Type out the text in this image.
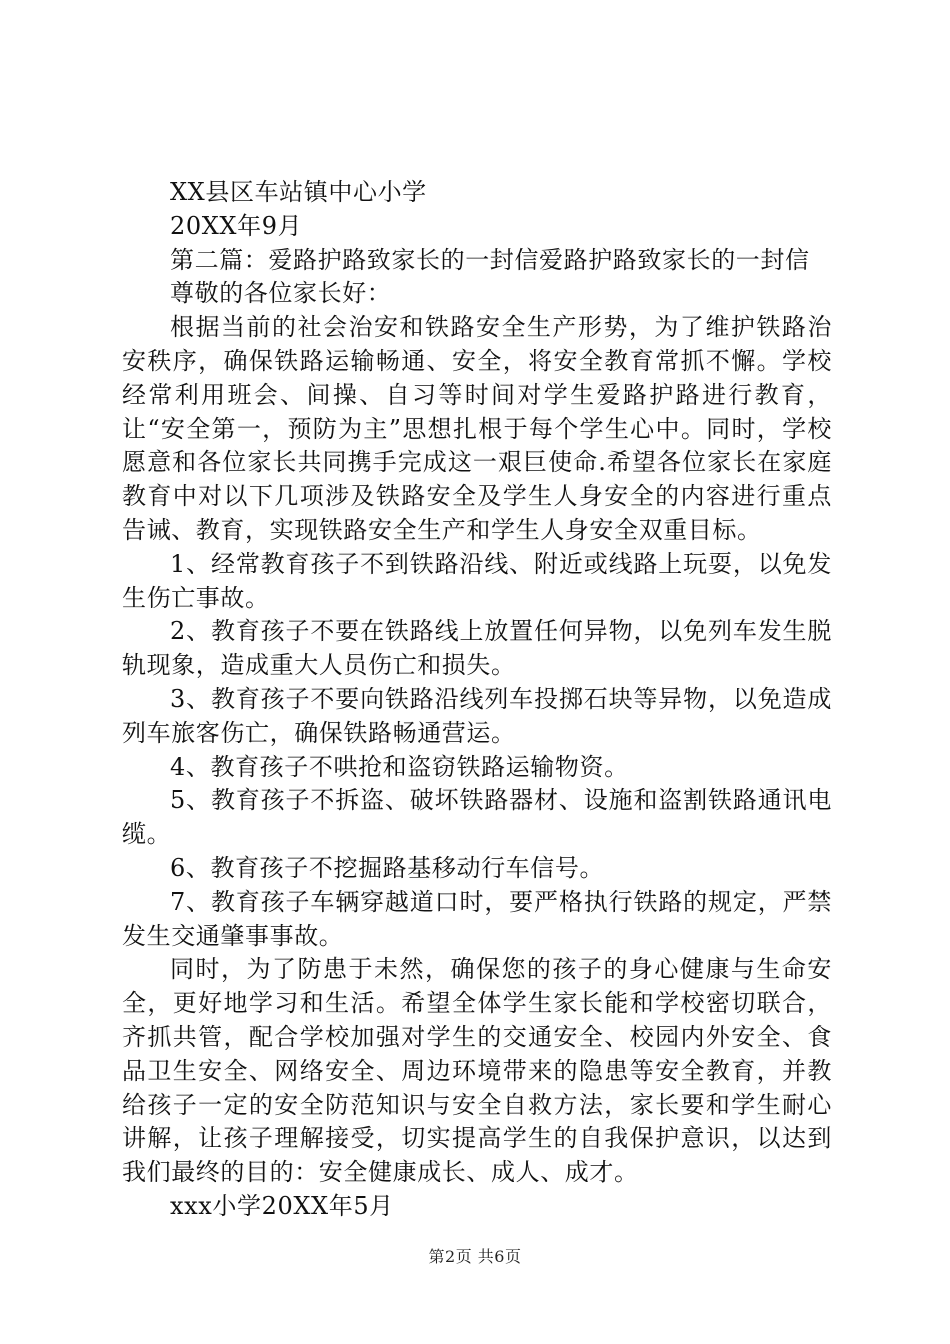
XX县区车站镇中心小学

20XX年9月

第二篇：爱路护路致家长的一封信爱路护路致家长的一封信

尊敬的各位家长好：

根据当前的社会治安和铁路安全生产形势，为了维护铁路治安秩序，确保铁路运输畅通、安全，将安全教育常抓不懈。学校经常利用班会、间操、自习等时间对学生爱路护路进行教育，让“安全第一，预防为主”思想扎根于每个学生心中。同时，学校愿意和各位家长共同携手完成这一艰巨使命.希望各位家长在家庭教育中对以下几项涉及铁路安全及学生人身安全的内容进行重点告诫、教育，实现铁路安全生产和学生人身安全双重目标。

1、经常教育孩子不到铁路沿线、附近或线路上玩耍，以免发生伤亡事故。

2、教育孩子不要在铁路线上放置任何异物，以免列车发生脱轨现象，造成重大人员伤亡和损失。

3、教育孩子不要向铁路沿线列车投掷石块等异物，以免造成列车旅客伤亡，确保铁路畅通营运。

4、教育孩子不哄抢和盗窃铁路运输物资。

5、教育孩子不拆盗、破坏铁路器材、设施和盗割铁路通讯电缆。

6、教育孩子不挖掘路基移动行车信号。

7、教育孩子车辆穿越道口时，要严格执行铁路的规定，严禁发生交通肇事事故。

同时，为了防患于未然，确保您的孩子的身心健康与生命安全，更好地学习和生活。希望全体学生家长能和学校密切联合，齐抓共管，配合学校加强对学生的交通安全、校园内外安全、食品卫生安全、网络安全、周边环境带来的隐患等安全教育，并教给孩子一定的安全防范知识与安全自救方法，家长要和学生耐心讲解，让孩子理解接受，切实提高学生的自我保护意识，以达到我们最终的目的：安全健康成长、成人、成才。

xxx小学20XX年5月

第2页 共6页
